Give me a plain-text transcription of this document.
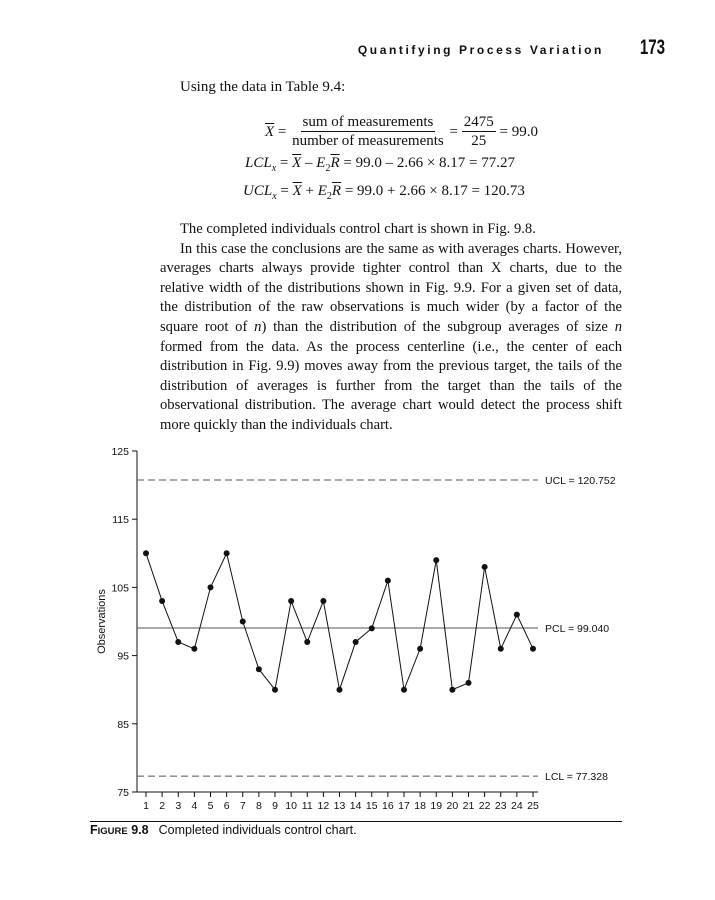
Quantifying Process Variation 173
Using the data in Table 9.4:
$\overline{X} = \frac{\text{sum of measurements}}{\text{number of measurements}} = \frac{2475}{25} = 99.0$
$LCL_x = \overline{X} - E_2\overline{R} = 99.0 - 2.66 \times 8.17 = 77.27$
$UCL_x = \overline{X} + E_2\overline{R} = 99.0 + 2.66 \times 8.17 = 120.73$

The completed individuals control chart is shown in Fig. 9.8.

In this case the conclusions are the same as with averages charts. However, averages charts always provide tighter control than X charts, due to the relative width of the distributions shown in Fig. 9.9. For a given set of data, the distribution of the raw observations is much wider (by a factor of the square root of n) than the distribution of the subgroup averages of size n formed from the data. As the process centerline (i.e., the center of each distribution in Fig. 9.9) moves away from the previous target, the tails of the distribution of averages is further from the target than the tails of the observational distribution. The average chart would detect the process shift more quickly than the individuals chart.

75
85
95
105
115
125
1 2 3 4 5 6 7 8 9 10 11 12 13 14 15 16 17 18 19 20 21 22 23 24 25
Observations
UCL = 120.752
PCL = 99.040
LCL = 77.328
FIGURE 9.8 Completed individuals control chart.
